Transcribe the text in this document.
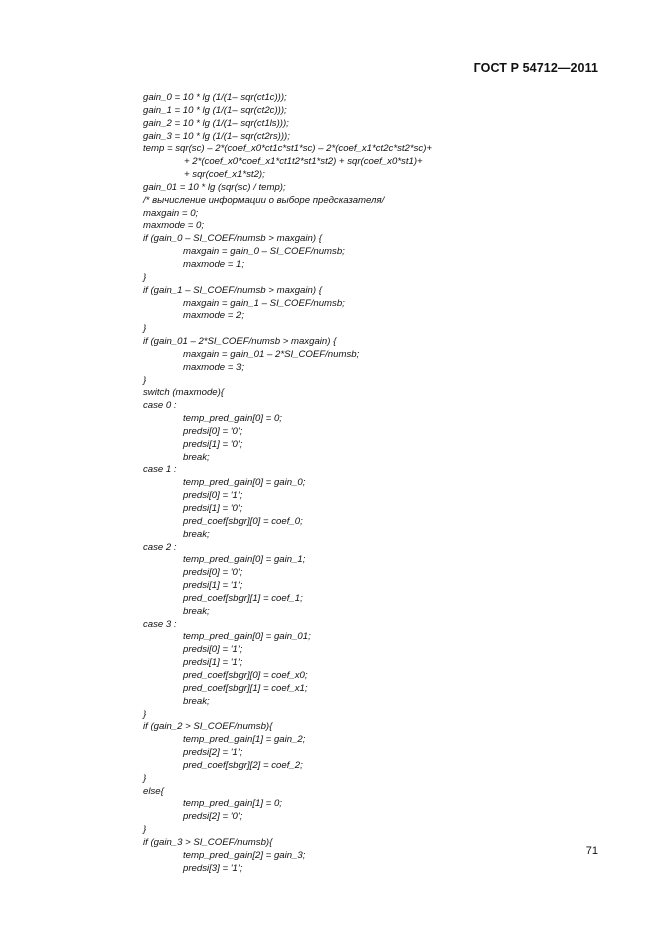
ГОСТ Р 54712—2011
gain_0 = 10 * lg (1/(1– sqr(ct1c)));
gain_1 = 10 * lg (1/(1– sqr(ct2c)));
gain_2 = 10 * lg (1/(1– sqr(ct1ls)));
gain_3 = 10 * lg (1/(1– sqr(ct2rs)));
temp = sqr(sc) – 2*(coef_x0*ct1c*st1*sc) – 2*(coef_x1*ct2c*st2*sc)+
+ 2*(coef_x0*coef_x1*ct1t2*st1*st2) + sqr(coef_x0*st1)+
+ sqr(coef_x1*st2);
gain_01 = 10 * lg (sqr(sc) / temp);
/* вычисление информации о выборе предсказателя/
maxgain = 0;
maxmode = 0;
if (gain_0 – SI_COEF/numsb > maxgain) {
maxgain = gain_0 – SI_COEF/numsb;
maxmode = 1;
}
if (gain_1 – SI_COEF/numsb > maxgain) {
maxgain = gain_1 – SI_COEF/numsb;
maxmode = 2;
}
if (gain_01 – 2*SI_COEF/numsb > maxgain) {
maxgain = gain_01 – 2*SI_COEF/numsb;
maxmode = 3;
}
switch (maxmode){
case 0 :
temp_pred_gain[0] = 0;
predsi[0] = '0';
predsi[1] = '0';
break;
case 1 :
temp_pred_gain[0] = gain_0;
predsi[0] = '1';
predsi[1] = '0';
pred_coef[sbgr][0] = coef_0;
break;
case 2 :
temp_pred_gain[0] = gain_1;
predsi[0] = '0';
predsi[1] = '1';
pred_coef[sbgr][1] = coef_1;
break;
case 3 :
temp_pred_gain[0] = gain_01;
predsi[0] = '1';
predsi[1] = '1';
pred_coef[sbgr][0] = coef_x0;
pred_coef[sbgr][1] = coef_x1;
break;
}
if (gain_2 > SI_COEF/numsb){
temp_pred_gain[1] = gain_2;
predsi[2] = '1';
pred_coef[sbgr][2] = coef_2;
}
else{
temp_pred_gain[1] = 0;
predsi[2] = '0';
}
if (gain_3 > SI_COEF/numsb){
temp_pred_gain[2] = gain_3;
predsi[3] = '1';
71
